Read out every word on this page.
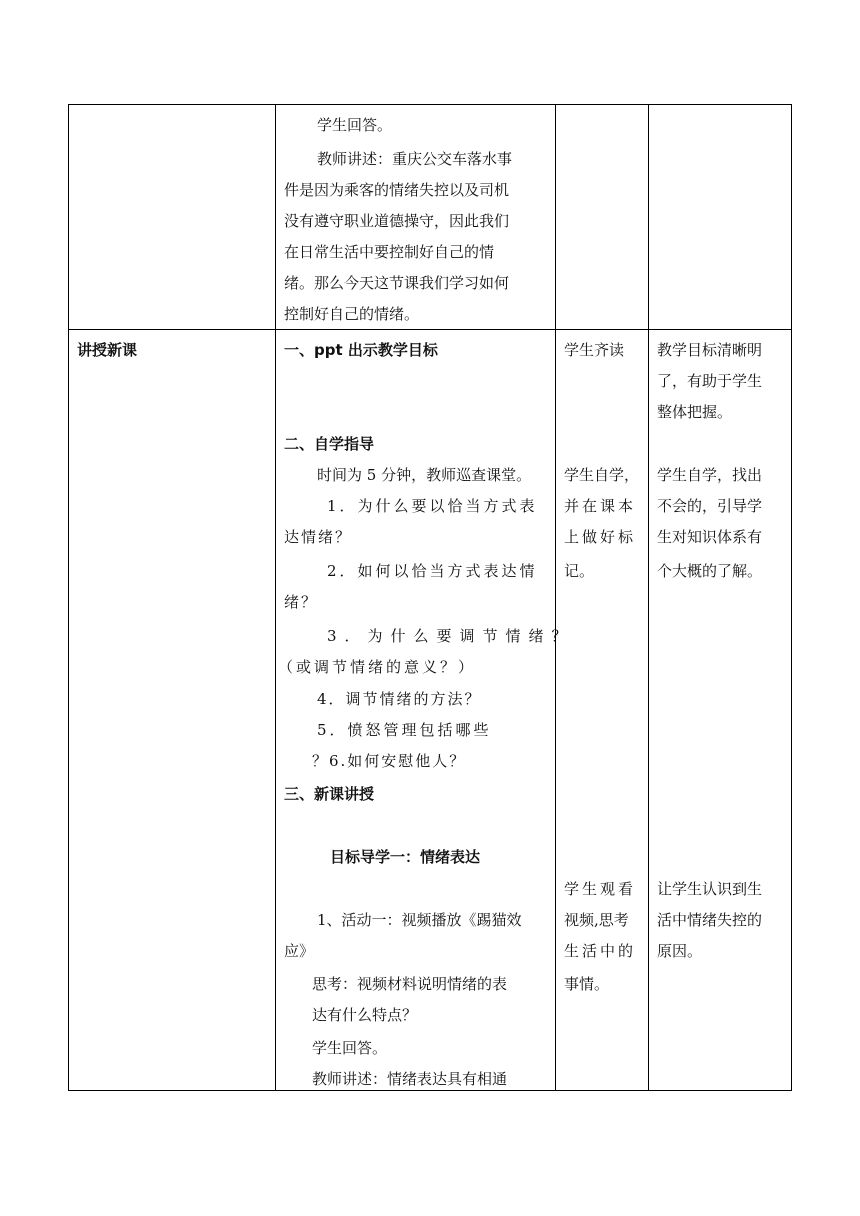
学生回答。
教师讲述：重庆公交车落水事
件是因为乘客的情绪失控以及司机
没有遵守职业道德操守，因此我们
在日常生活中要控制好自己的情
绪。那么今天这节课我们学习如何
控制好自己的情绪。
讲授新课	一、ppt 出示教学目标
二、自学指导
时间为 5 分钟，教师巡查课堂。
1．为什么要以恰当方式表
达情绪？
2．如何以恰当方式表达情
绪？
3．为什么要调节情绪？
（或调节情绪的意义？）
4．调节情绪的方法？
5．愤怒管理包括哪些
？6.如何安慰他人？
三、新课讲授
目标导学一：情绪表达
1、活动一：视频播放《踢猫效
应》
思考：视频材料说明情绪的表
达有什么特点？
学生回答。
教师讲述：情绪表达具有相通
学生齐读
学生自学，
并在课本
上做好标
记。
学生观看
视频,思考
生活中的
事情。
教学目标清晰明
了，有助于学生
整体把握。
学生自学，找出
不会的，引导学
生对知识体系有
个大概的了解。
让学生认识到生
活中情绪失控的
原因。
